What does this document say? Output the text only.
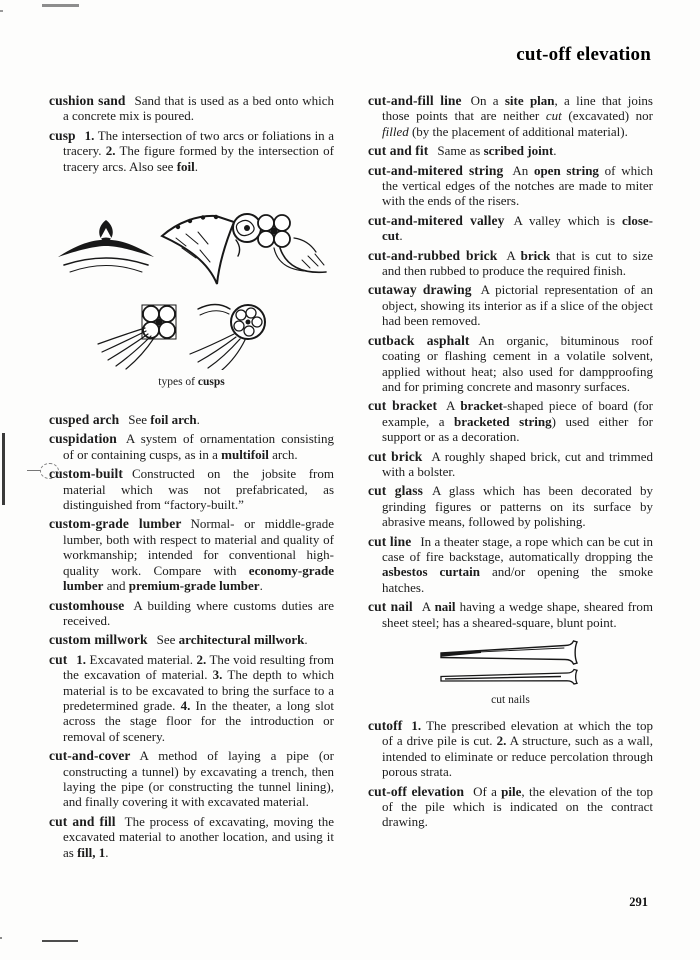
cut-off elevation

cushion sand Sand that is used as a bed onto which a concrete mix is poured.

cusp 1. The intersection of two arcs or foliations in a tracery. 2. The figure formed by the intersection of tracery arcs. Also see foil.

types of cusps

cusped arch See foil arch.

cuspidation A system of ornamentation consisting of or containing cusps, as in a multifoil arch.

custom-built Constructed on the jobsite from material which was not prefabricated, as distinguished from “factory-built.”

custom-grade lumber Normal- or middle-grade lumber, both with respect to material and quality of workmanship; intended for conventional high-quality work. Compare with economy-grade lumber and premium-grade lumber.

customhouse A building where customs duties are received.

custom millwork See architectural millwork.

cut 1. Excavated material. 2. The void resulting from the excavation of material. 3. The depth to which material is to be excavated to bring the surface to a predetermined grade. 4. In the theater, a long slot across the stage floor for the introduction or removal of scenery.

cut-and-cover A method of laying a pipe (or constructing a tunnel) by excavating a trench, then laying the pipe (or constructing the tunnel lining), and finally covering it with excavated material.

cut and fill The process of excavating, moving the excavated material to another location, and using it as fill, 1.

cut-and-fill line On a site plan, a line that joins those points that are neither cut (excavated) nor filled (by the placement of additional material).

cut and fit Same as scribed joint.

cut-and-mitered string An open string of which the vertical edges of the notches are made to miter with the ends of the risers.

cut-and-mitered valley A valley which is close-cut.

cut-and-rubbed brick A brick that is cut to size and then rubbed to produce the required finish.

cutaway drawing A pictorial representation of an object, showing its interior as if a slice of the object had been removed.

cutback asphalt An organic, bituminous roof coating or flashing cement in a volatile solvent, applied without heat; also used for dampproofing and for priming concrete and masonry surfaces.

cut bracket A bracket-shaped piece of board (for example, a bracketed string) used either for support or as a decoration.

cut brick A roughly shaped brick, cut and trimmed with a bolster.

cut glass A glass which has been decorated by grinding figures or patterns on its surface by abrasive means, followed by polishing.

cut line In a theater stage, a rope which can be cut in case of fire backstage, automatically dropping the asbestos curtain and/or opening the smoke hatches.

cut nail A nail having a wedge shape, sheared from sheet steel; has a sheared-square, blunt point.

cut nails

cutoff 1. The prescribed elevation at which the top of a drive pile is cut. 2. A structure, such as a wall, intended to eliminate or reduce percolation through porous strata.

cut-off elevation Of a pile, the elevation of the top of the pile which is indicated on the contract drawing.

291
